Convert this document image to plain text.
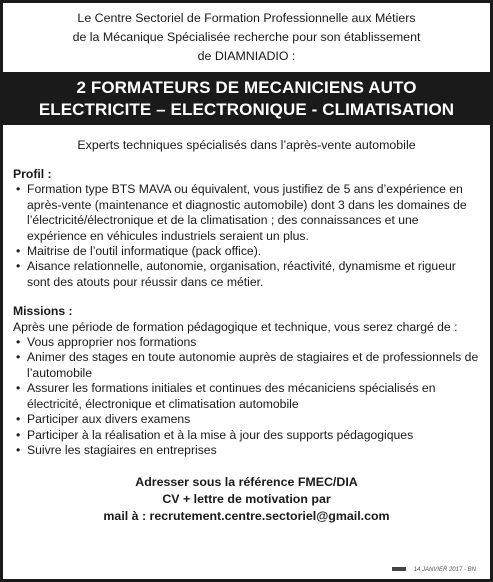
Le Centre Sectoriel de Formation Professionnelle aux Métiers
de la Mécanique Spécialisée recherche pour son établissement
de DIAMNIADIO :
2 FORMATEURS DE MECANICIENS AUTO
ELECTRICITE – ELECTRONIQUE - CLIMATISATION
Experts techniques spécialisés dans l’après-vente automobile
Profil :
• Formation type BTS MAVA ou équivalent, vous justifiez de 5 ans d’expérience en après-vente (maintenance et diagnostic automobile) dont 3 dans les domaines de l’électricité/électronique et de la climatisation ; des connaissances et une expérience en véhicules industriels seraient un plus.
• Maitrise de l’outil informatique (pack office).
• Aisance relationnelle, autonomie, organisation, réactivité, dynamisme et rigueur sont des atouts pour réussir dans ce métier.
Missions :
Après une période de formation pédagogique et technique, vous serez chargé de :
• Vous approprier nos formations
• Animer des stages en toute autonomie auprès de stagiaires et de professionnels de l’automobile
• Assurer les formations initiales et continues des mécaniciens spécialisés en électricité, électronique et climatisation automobile
• Participer aux divers examens
• Participer à la réalisation et à la mise à jour des supports pédagogiques
• Suivre les stagiaires en entreprises
Adresser sous la référence FMEC/DIA
CV + lettre de motivation par
mail à : recrutement.centre.sectoriel@gmail.com
14 JANVIER 2017 - BN
